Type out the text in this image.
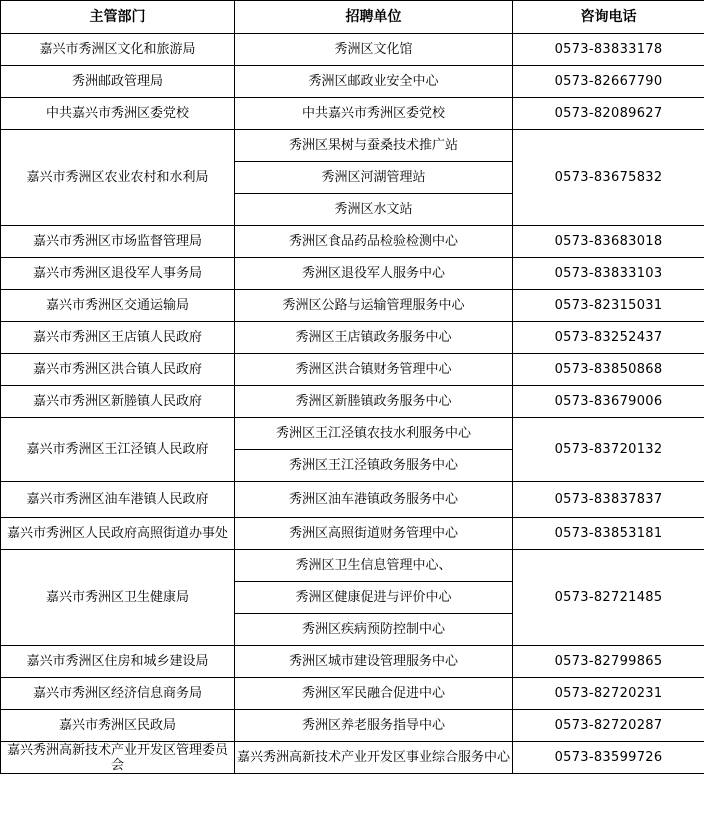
主管部门	招聘单位	咨询电话
嘉兴市秀洲区文化和旅游局	秀洲区文化馆	0573-83833178
秀洲邮政管理局	秀洲区邮政业安全中心	0573-82667790
中共嘉兴市秀洲区委党校	中共嘉兴市秀洲区委党校	0573-82089627
嘉兴市秀洲区农业农村和水利局	秀洲区果树与蚕桑技术推广站	0573-83675832
	秀洲区河湖管理站	
	秀洲区水文站	
嘉兴市秀洲区市场监督管理局	秀洲区食品药品检验检测中心	0573-83683018
嘉兴市秀洲区退役军人事务局	秀洲区退役军人服务中心	0573-83833103
嘉兴市秀洲区交通运输局	秀洲区公路与运输管理服务中心	0573-82315031
嘉兴市秀洲区王店镇人民政府	秀洲区王店镇政务服务中心	0573-83252437
嘉兴市秀洲区洪合镇人民政府	秀洲区洪合镇财务管理中心	0573-83850868
嘉兴市秀洲区新塍镇人民政府	秀洲区新塍镇政务服务中心	0573-83679006
嘉兴市秀洲区王江泾镇人民政府	秀洲区王江泾镇农技水利服务中心	0573-83720132
	秀洲区王江泾镇政务服务中心	
嘉兴市秀洲区油车港镇人民政府	秀洲区油车港镇政务服务中心	0573-83837837
嘉兴市秀洲区人民政府高照街道办事处	秀洲区高照街道财务管理中心	0573-83853181
嘉兴市秀洲区卫生健康局	秀洲区卫生信息管理中心、	0573-82721485
	秀洲区健康促进与评价中心	
	秀洲区疾病预防控制中心	
嘉兴市秀洲区住房和城乡建设局	秀洲区城市建设管理服务中心	0573-82799865
嘉兴市秀洲区经济信息商务局	秀洲区军民融合促进中心	0573-82720231
嘉兴市秀洲区民政局	秀洲区养老服务指导中心	0573-82720287
嘉兴秀洲高新技术产业开发区管理委员会	嘉兴秀洲高新技术产业开发区事业综合服务中心	0573-83599726
